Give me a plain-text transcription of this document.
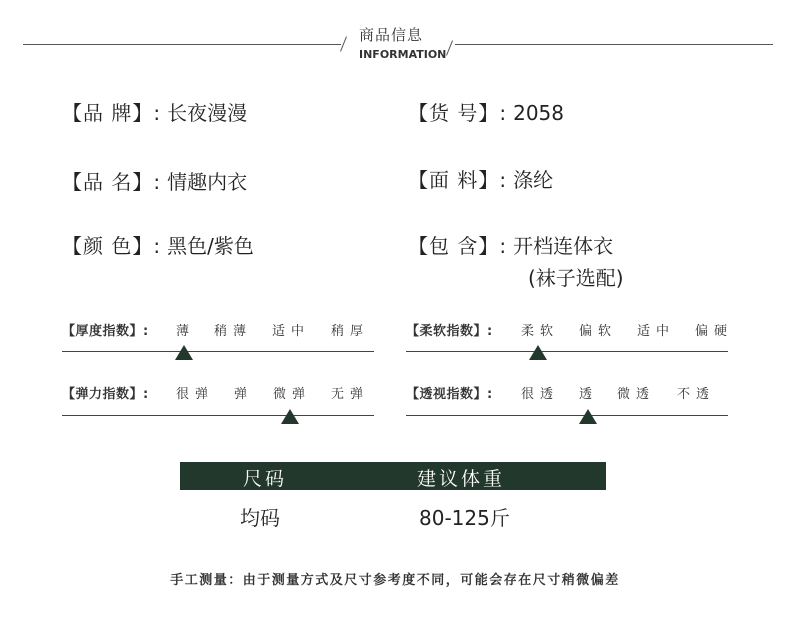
商品信息
INFORMATION
【品 牌】: 长夜漫漫	【货 号】: 2058
【品 名】: 情趣内衣	【面 料】: 涤纶
【颜 色】: 黑色/紫色	【包 含】: 开档连体衣
(袜子选配)
【厚度指数】: 薄 稍薄 适中 稍厚	【柔软指数】: 柔软 偏软 适中 偏硬
【弹力指数】: 很弹 弹 微弹 无弹	【透视指数】: 很透 透 微透 不透
尺码	建议体重
均码	80-125斤
手工测量：由于测量方式及尺寸参考度不同，可能会存在尺寸稍微偏差
